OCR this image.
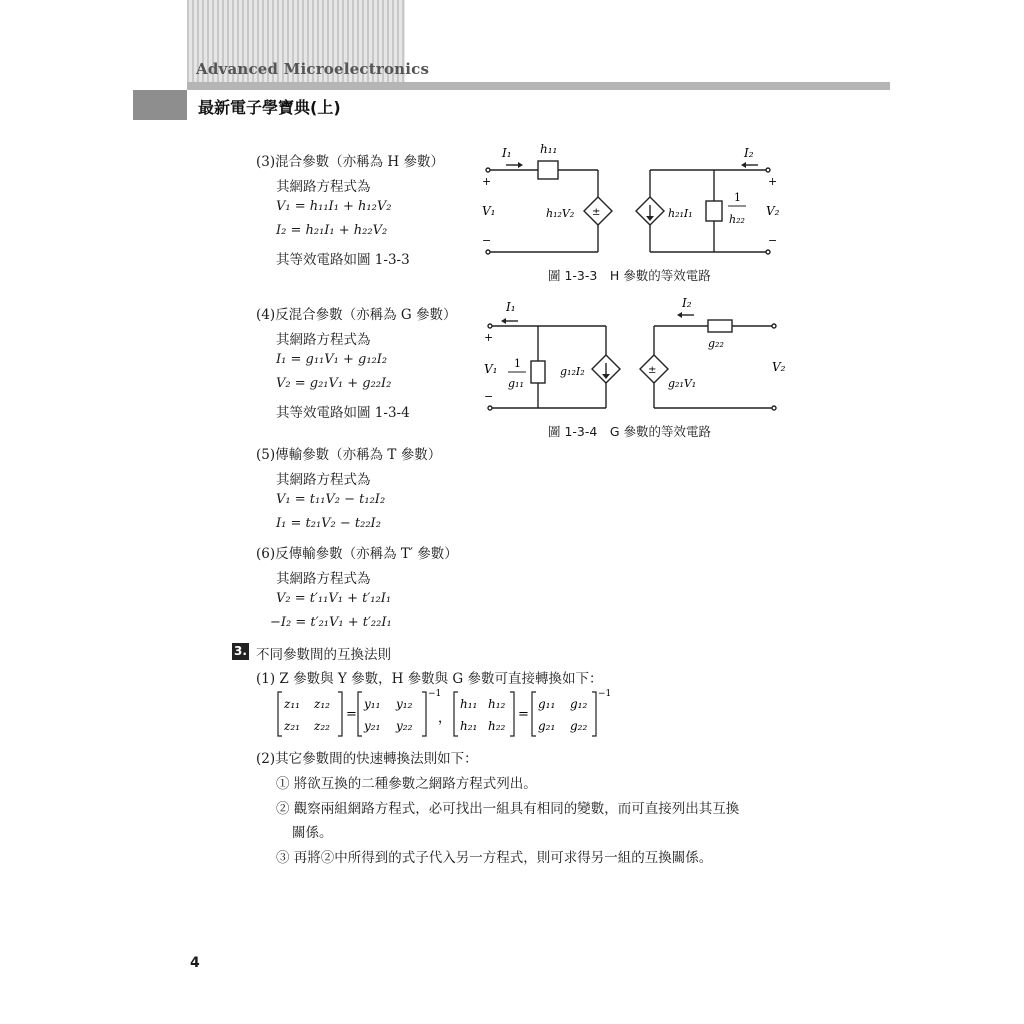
Advanced Microelectronics
最新電子學寶典(上)
(3)混合參數（亦稱為 H 參數）
其網路方程式為
V₁ = h₁₁I₁ + h₁₂V₂
I₂ = h₂₁I₁ + h₂₂V₂
其等效電路如圖 1-3-3
I₁ h₁₁	I₂
+
V₁
−
h₁₂V₂ ±	h₂₁I₁
1
h₂₂
+
V₂
−
圖 1-3-3　H 參數的等效電路
(4)反混合參數（亦稱為 G 參數）
其網路方程式為
I₁ = g₁₁V₁ + g₁₂I₂
V₂ = g₂₁V₁ + g₂₂I₂
其等效電路如圖 1-3-4
I₁	I₂
+
V₁
−
1
g₁₁
g₁₂I₂
g₂₂
±
g₂₁V₁
V₂
圖 1-3-4　G 參數的等效電路
(5)傳輸參數（亦稱為 T 參數）
其網路方程式為
V₁ = t₁₁V₂ − t₁₂I₂
I₁ = t₂₁V₂ − t₂₂I₂
(6)反傳輸參數（亦稱為 T′ 參數）
其網路方程式為
V₂ = t′₁₁V₁ + t′₁₂I₁
−I₂ = t′₂₁V₁ + t′₂₂I₁
3. 不同參數間的互換法則
(1) Z 參數與 Y 參數，H 參數與 G 參數可直接轉換如下：
z₁₁ z₁₂
z₂₁ z₂₂
=
y₁₁ y₁₂
y₂₁ y₂₂
−1
，
h₁₁ h₁₂
h₂₁ h₂₂
=
g₁₁ g₁₂
g₂₁ g₂₂
−1
(2)其它參數間的快速轉換法則如下：
① 將欲互換的二種參數之網路方程式列出。
② 觀察兩組網路方程式，必可找出一組具有相同的變數，而可直接列出其互換
關係。
③ 再將②中所得到的式子代入另一方程式，則可求得另一組的互換關係。
4
